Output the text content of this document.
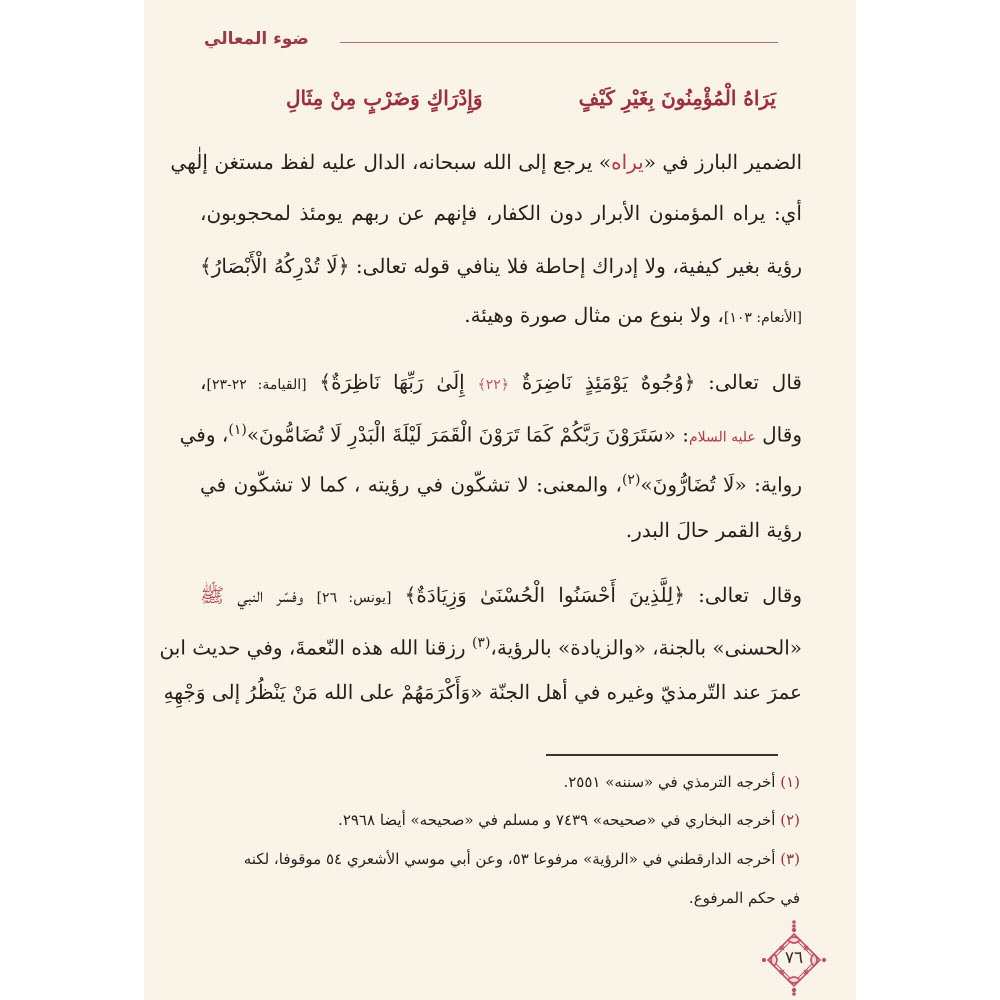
ضوء المعالي
يَرَاهُ الْمُؤْمِنُونَ بِغَيْرِ كَيْفٍ
وَإِدْرَاكٍ وَضَرْبٍ مِنْ مِثَالِ
الضمير البارز في «يراه» يرجع إلى الله سبحانه، الدال عليه لفظ مستغن إلٰهي
أي: يراه المؤمنون الأبرار دون الكفار، فإنهم عن ربهم يومئذ لمحجوبون،
رؤية بغير كيفية، ولا إدراك إحاطة فلا ينافي قوله تعالى: ﴿لَا تُدْرِكُهُ الْأَبْصَارُ﴾
[الأنعام: ١٠٣]، ولا بنوع من مثال صورة وهيئة.
قال تعالى: ﴿وُجُوهٌ يَوْمَئِذٍ نَاضِرَةٌ ﴿٢٢﴾ إِلَىٰ رَبِّهَا نَاظِرَةٌ﴾ [القيامة: ٢٢-٢٣]،
وقال عليه السلام: «سَتَرَوْنَ رَبَّكُمْ كَمَا تَرَوْنَ الْقَمَرَ لَيْلَةَ الْبَدْرِ لَا تُضَامُّونَ»$^{(١)}$، وفي
رواية: «لَا تُضَارُّونَ»$^{(٢)}$، والمعنى: لا تشكّون في رؤيته ، كما لا تشكّون في
رؤية القمر حالَ البدر.
وقال تعالى: ﴿لِلَّذِينَ أَحْسَنُوا الْحُسْنَىٰ وَزِيَادَةٌ﴾ [يونس: ٢٦] وفسّر النبي ﷺ
«الحسنى» بالجنة، «والزيادة» بالرؤية،$^{(٣)}$ رزقنا الله هذه النّعمةَ، وفي حديث ابن
عمرَ عند التّرمذيّ وغيره في أهل الجنّة «وَأَكْرَمَهُمْ على الله مَنْ يَنْظُرُ إلى وَجْهِهِ
(١) أخرجه الترمذي في «سننه» ٢٥٥١.
(٢) أخرجه البخاري في «صحيحه» ٧٤٣٩ و مسلم في «صحيحه» أيضا ٢٩٦٨.
(٣) أخرجه الدارقطني في «الرؤية» مرفوعا ٥٣، وعن أبي موسي الأشعري ٥٤ موقوفا، لكنه
في حكم المرفوع.
٧٦
